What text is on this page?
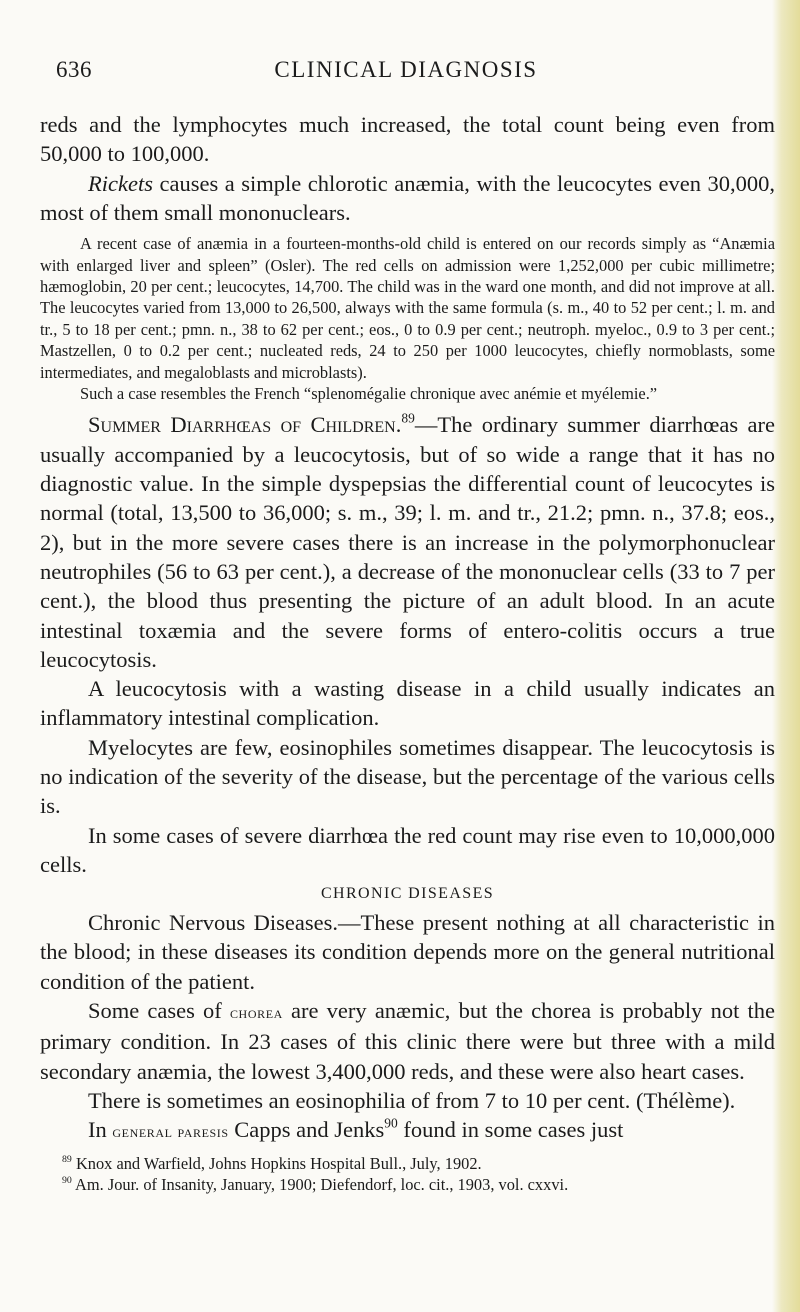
636	CLINICAL DIAGNOSIS

reds and the lymphocytes much increased, the total count being even from 50,000 to 100,000.

Rickets causes a simple chlorotic anæmia, with the leucocytes even 30,000, most of them small mononuclears.

A recent case of anæmia in a fourteen-months-old child is entered on our records simply as “Anæmia with enlarged liver and spleen” (Osler). The red cells on admission were 1,252,000 per cubic millimetre; hæmoglobin, 20 per cent.; leucocytes, 14,700. The child was in the ward one month, and did not improve at all. The leucocytes varied from 13,000 to 26,500, always with the same formula (s. m., 40 to 52 per cent.; l. m. and tr., 5 to 18 per cent.; pmn. n., 38 to 62 per cent.; eos., 0 to 0.9 per cent.; neutroph. myeloc., 0.9 to 3 per cent.; Mastzellen, 0 to 0.2 per cent.; nucleated reds, 24 to 250 per 1000 leucocytes, chiefly normoblasts, some intermediates, and megaloblasts and microblasts).

Such a case resembles the French “splenomégalie chronique avec anémie et myélemie.”

Summer Diarrhœas of Children.$^{89}$—The ordinary summer diarrhœas are usually accompanied by a leucocytosis, but of so wide a range that it has no diagnostic value. In the simple dyspepsias the differential count of leucocytes is normal (total, 13,500 to 36,000; s. m., 39; l. m. and tr., 21.2; pmn. n., 37.8; eos., 2), but in the more severe cases there is an increase in the polymorphonuclear neutrophiles (56 to 63 per cent.), a decrease of the mononuclear cells (33 to 7 per cent.), the blood thus presenting the picture of an adult blood. In an acute intestinal toxæmia and the severe forms of entero-colitis occurs a true leucocytosis.

A leucocytosis with a wasting disease in a child usually indicates an inflammatory intestinal complication.

Myelocytes are few, eosinophiles sometimes disappear. The leucocytosis is no indication of the severity of the disease, but the percentage of the various cells is.

In some cases of severe diarrhœa the red count may rise even to 10,000,000 cells.

CHRONIC DISEASES

Chronic Nervous Diseases.—These present nothing at all characteristic in the blood; in these diseases its condition depends more on the general nutritional condition of the patient.

Some cases of chorea are very anæmic, but the chorea is probably not the primary condition. In 23 cases of this clinic there were but three with a mild secondary anæmia, the lowest 3,400,000 reds, and these were also heart cases.

There is sometimes an eosinophilia of from 7 to 10 per cent. (Thélème).

In general paresis Capps and Jenks$^{90}$ found in some cases just

$^{89}$ Knox and Warfield, Johns Hopkins Hospital Bull., July, 1902.

$^{90}$ Am. Jour. of Insanity, January, 1900; Diefendorf, loc. cit., 1903, vol. cxxvi.
